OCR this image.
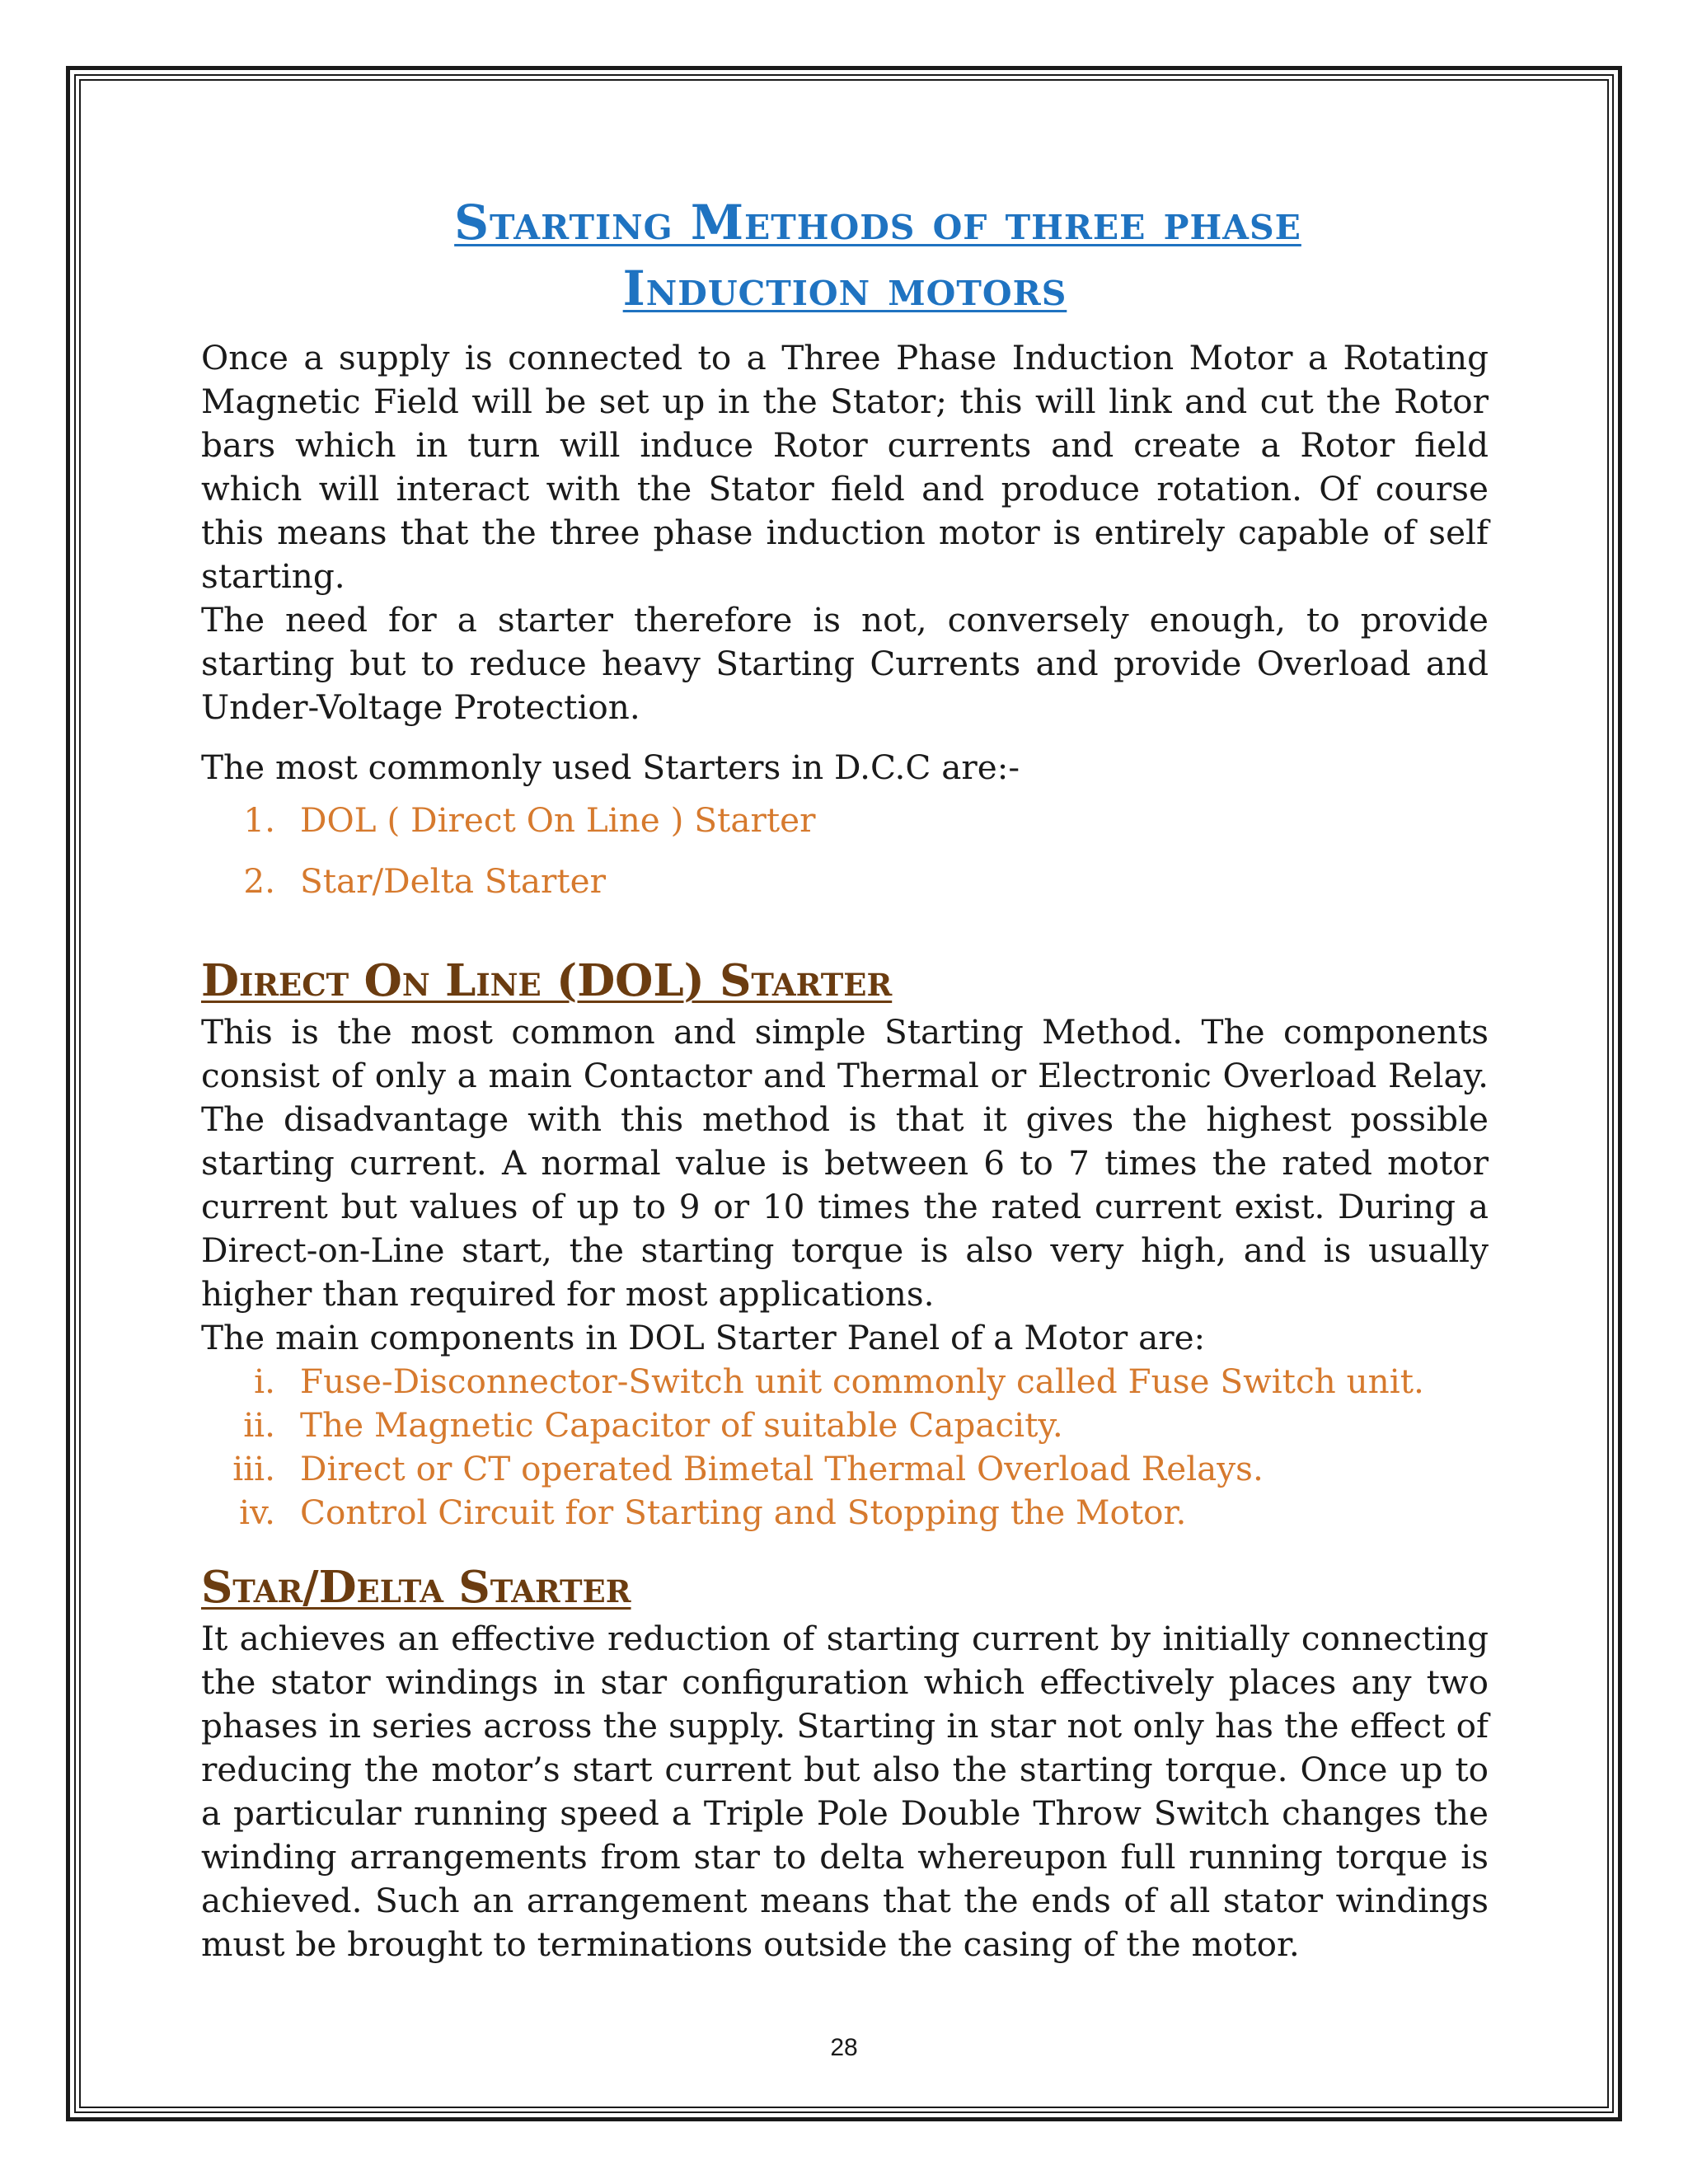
Starting Methods of three phase
Induction motors

Once a supply is connected to a Three Phase Induction Motor a Rotating Magnetic Field will be set up in the Stator; this will link and cut the Rotor bars which in turn will induce Rotor currents and create a Rotor field which will interact with the Stator field and produce rotation. Of course this means that the three phase induction motor is entirely capable of self starting.

The need for a starter therefore is not, conversely enough, to provide starting but to reduce heavy Starting Currents and provide Overload and Under-Voltage Protection.

The most commonly used Starters in D.C.C are:-

1. DOL ( Direct On Line ) Starter
2. Star/Delta Starter
Direct On Line (DOL) Starter

This is the most common and simple Starting Method. The components consist of only a main Contactor and Thermal or Electronic Overload Relay. The disadvantage with this method is that it gives the highest possible starting current. A normal value is between 6 to 7 times the rated motor current but values of up to 9 or 10 times the rated current exist. During a Direct-on-Line start, the starting torque is also very high, and is usually higher than required for most applications.

The main components in DOL Starter Panel of a Motor are:

i. Fuse-Disconnector-Switch unit commonly called Fuse Switch unit.
ii. The Magnetic Capacitor of suitable Capacity.
iii. Direct or CT operated Bimetal Thermal Overload Relays.
iv. Control Circuit for Starting and Stopping the Motor.
Star/Delta Starter

It achieves an effective reduction of starting current by initially connecting the stator windings in star configuration which effectively places any two phases in series across the supply. Starting in star not only has the effect of reducing the motor’s start current but also the starting torque. Once up to a particular running speed a Triple Pole Double Throw Switch changes the winding arrangements from star to delta whereupon full running torque is achieved. Such an arrangement means that the ends of all stator windings must be brought to terminations outside the casing of the motor.

28
